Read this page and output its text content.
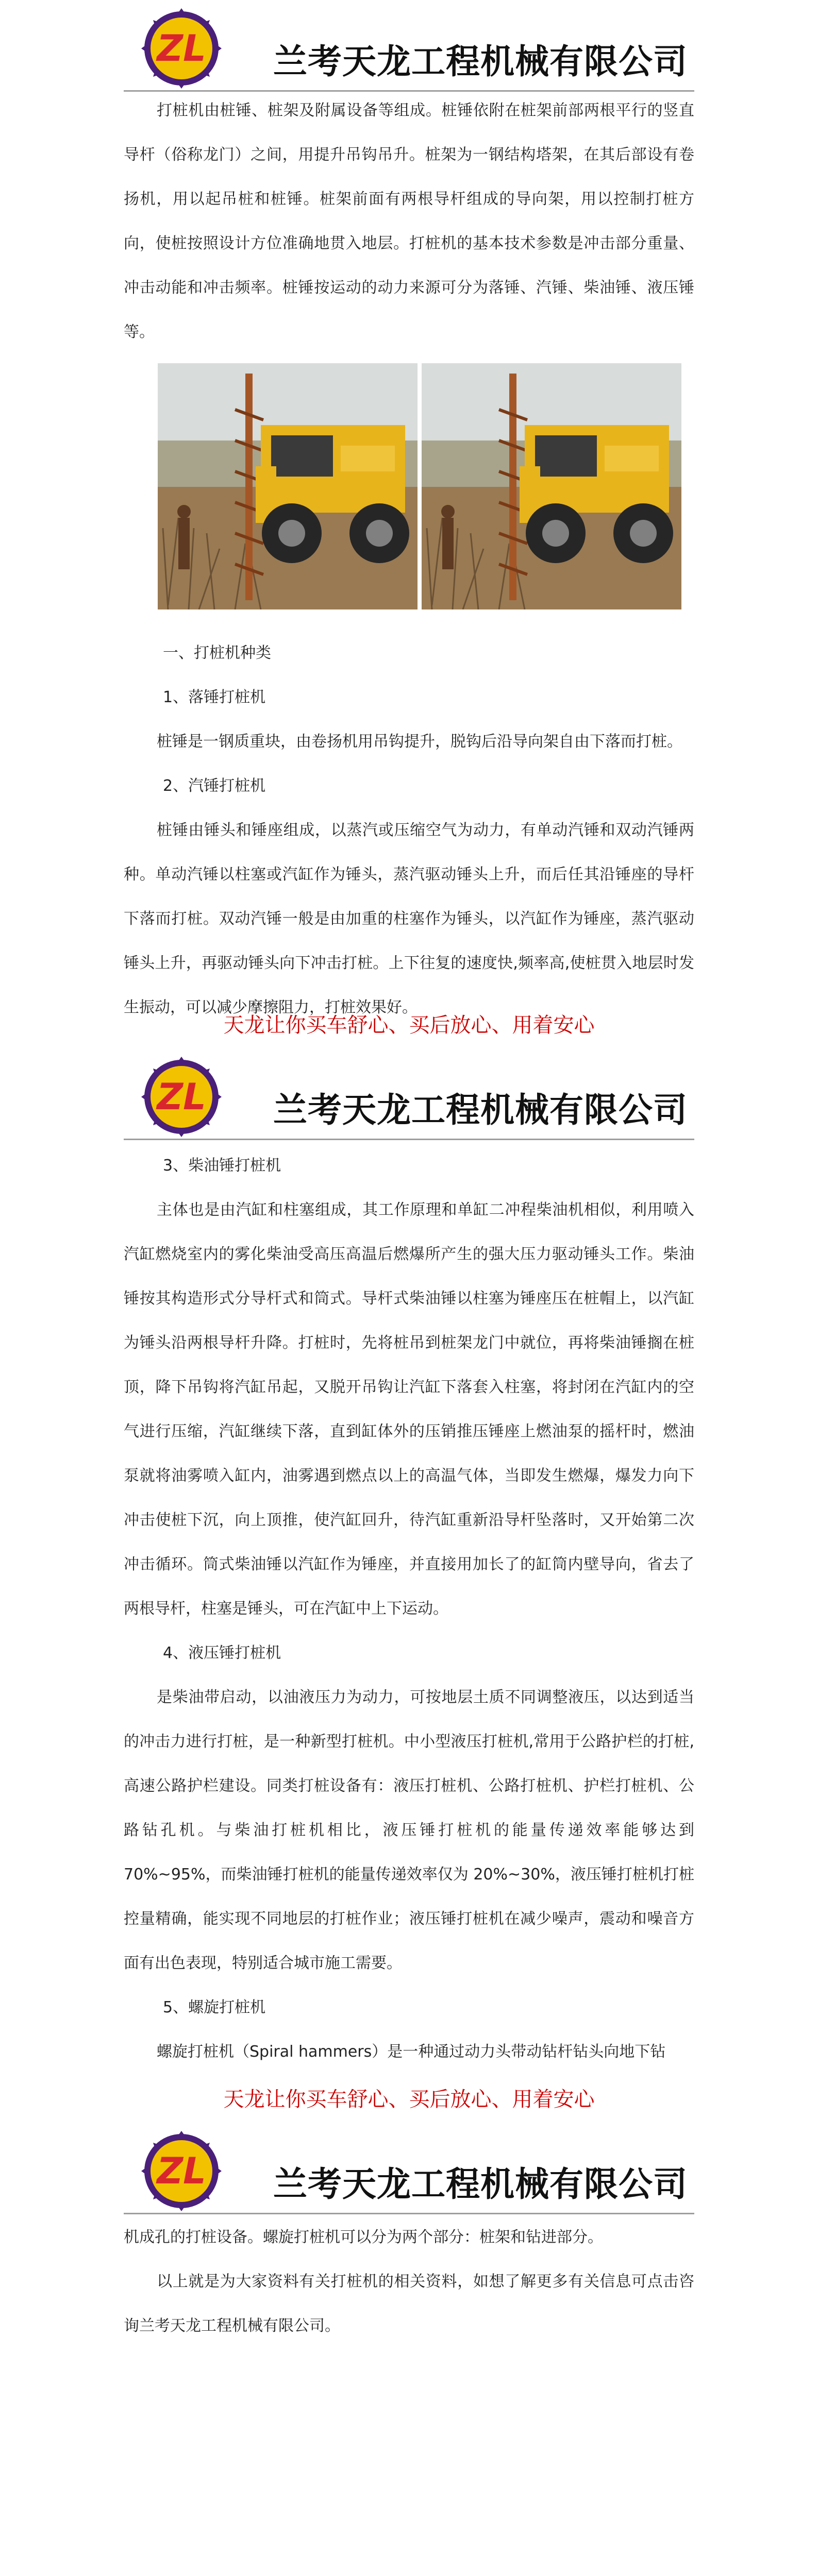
兰考天龙工程机械有限公司

打桩机由桩锤、桩架及附属设备等组成。桩锤依附在桩架前部两根平行的竖直导杆（俗称龙门）之间，用提升吊钩吊升。桩架为一钢结构塔架，在其后部设有卷扬机，用以起吊桩和桩锤。桩架前面有两根导杆组成的导向架，用以控制打桩方向，使桩按照设计方位准确地贯入地层。打桩机的基本技术参数是冲击部分重量、冲击动能和冲击频率。桩锤按运动的动力来源可分为落锤、汽锤、柴油锤、液压锤等。

一、打桩机种类

1、落锤打桩机

桩锤是一钢质重块，由卷扬机用吊钩提升，脱钩后沿导向架自由下落而打桩。

2、汽锤打桩机

桩锤由锤头和锤座组成，以蒸汽或压缩空气为动力，有单动汽锤和双动汽锤两种。单动汽锤以柱塞或汽缸作为锤头，蒸汽驱动锤头上升，而后任其沿锤座的导杆下落而打桩。双动汽锤一般是由加重的柱塞作为锤头，以汽缸作为锤座，蒸汽驱动锤头上升，再驱动锤头向下冲击打桩。上下往复的速度快,频率高,使桩贯入地层时发生振动，可以减少摩擦阻力，打桩效果好。

天龙让你买车舒心、买后放心、用着安心
兰考天龙工程机械有限公司

3、柴油锤打桩机

主体也是由汽缸和柱塞组成，其工作原理和单缸二冲程柴油机相似，利用喷入汽缸燃烧室内的雾化柴油受高压高温后燃爆所产生的强大压力驱动锤头工作。柴油锤按其构造形式分导杆式和筒式。导杆式柴油锤以柱塞为锤座压在桩帽上，以汽缸为锤头沿两根导杆升降。打桩时，先将桩吊到桩架龙门中就位，再将柴油锤搁在桩顶，降下吊钩将汽缸吊起，又脱开吊钩让汽缸下落套入柱塞，将封闭在汽缸内的空气进行压缩，汽缸继续下落，直到缸体外的压销推压锤座上燃油泵的摇杆时，燃油泵就将油雾喷入缸内，油雾遇到燃点以上的高温气体，当即发生燃爆，爆发力向下冲击使桩下沉，向上顶推，使汽缸回升，待汽缸重新沿导杆坠落时，又开始第二次冲击循环。筒式柴油锤以汽缸作为锤座，并直接用加长了的缸筒内壁导向，省去了两根导杆，柱塞是锤头，可在汽缸中上下运动。

4、液压锤打桩机

是柴油带启动，以油液压力为动力，可按地层土质不同调整液压，以达到适当的冲击力进行打桩，是一种新型打桩机。中小型液压打桩机,常用于公路护栏的打桩,高速公路护栏建设。同类打桩设备有：液压打桩机、公路打桩机、护栏打桩机、公路钻孔机。与柴油打桩机相比，液压锤打桩机的能量传递效率能够达到 70%~95%，而柴油锤打桩机的能量传递效率仅为 20%~30%，液压锤打桩机打桩控量精确，能实现不同地层的打桩作业；液压锤打桩机在减少噪声，震动和噪音方面有出色表现，特别适合城市施工需要。

5、螺旋打桩机

螺旋打桩机（Spiral hammers）是一种通过动力头带动钻杆钻头向地下钻

天龙让你买车舒心、买后放心、用着安心
兰考天龙工程机械有限公司

机成孔的打桩设备。螺旋打桩机可以分为两个部分：桩架和钻进部分。

以上就是为大家资料有关打桩机的相关资料，如想了解更多有关信息可点击咨询兰考天龙工程机械有限公司。
